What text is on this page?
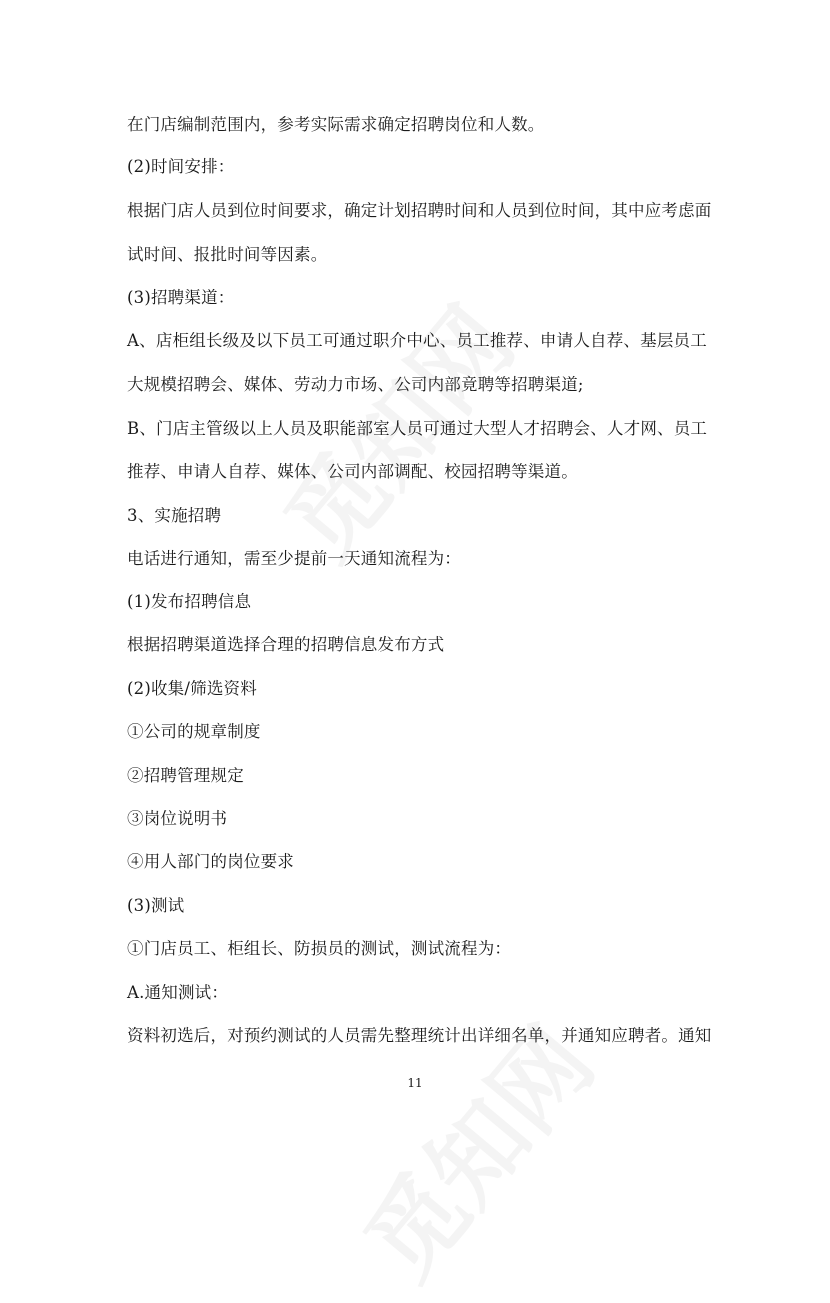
在门店编制范围内，参考实际需求确定招聘岗位和人数。
(2)时间安排：
根据门店人员到位时间要求，确定计划招聘时间和人员到位时间，其中应考虑面
试时间、报批时间等因素。
(3)招聘渠道：
A、店柜组长级及以下员工可通过职介中心、员工推荐、申请人自荐、基层员工
大规模招聘会、媒体、劳动力市场、公司内部竟聘等招聘渠道;
B、门店主管级以上人员及职能部室人员可通过大型人才招聘会、人才网、员工
推荐、申请人自荐、媒体、公司内部调配、校园招聘等渠道。
3、实施招聘
电话进行通知，需至少提前一天通知流程为：
(1)发布招聘信息
根据招聘渠道选择合理的招聘信息发布方式
(2)收集/筛选资料
①公司的规章制度
②招聘管理规定
③岗位说明书
④用人部门的岗位要求
(3)测试
①门店员工、柜组长、防损员的测试，测试流程为：
A.通知测试：
资料初选后，对预约测试的人员需先整理统计出详细名单，并通知应聘者。通知
11
